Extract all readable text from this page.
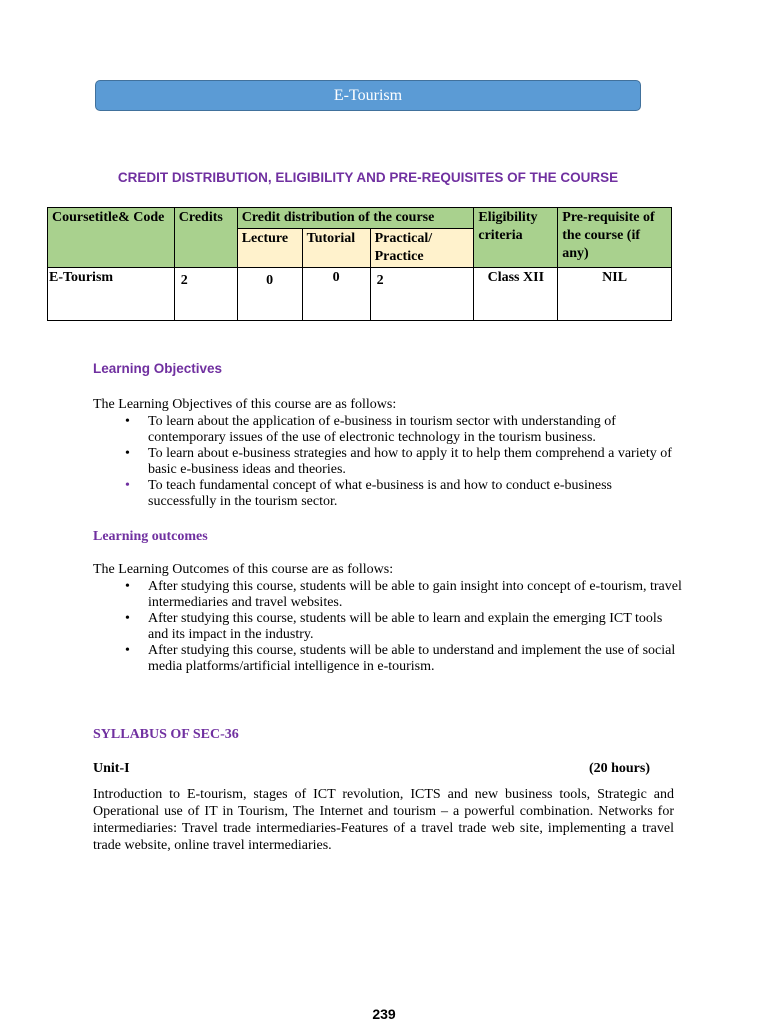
E-Tourism
CREDIT DISTRIBUTION, ELIGIBILITY AND PRE-REQUISITES OF THE COURSE
Coursetitle& Code	Credits	Credit distribution of the course			Eligibility criteria	Pre-requisite of the course (if any)
		Lecture	Tutorial	Practical/ Practice		
E-Tourism	2	0	0	2	Class XII	NIL
Learning Objectives
The Learning Objectives of this course are as follows:
• To learn about the application of e-business in tourism sector with understanding of contemporary issues of the use of electronic technology in the tourism business.
• To learn about e-business strategies and how to apply it to help them comprehend a variety of basic e-business ideas and theories.
• To teach fundamental concept of what e-business is and how to conduct e-business successfully in the tourism sector.
Learning outcomes
The Learning Outcomes of this course are as follows:
• After studying this course, students will be able to gain insight into concept of e-tourism, travel intermediaries and travel websites.
• After studying this course, students will be able to learn and explain the emerging ICT tools and its impact in the industry.
• After studying this course, students will be able to understand and implement the use of social media platforms/artificial intelligence in e-tourism.
SYLLABUS OF SEC-36
Unit-I	(20 hours)
Introduction to E-tourism, stages of ICT revolution, ICTS and new business tools, Strategic and Operational use of IT in Tourism, The Internet and tourism – a powerful combination. Networks for intermediaries: Travel trade intermediaries-Features of a travel trade web site, implementing a travel trade website, online travel intermediaries.
239
